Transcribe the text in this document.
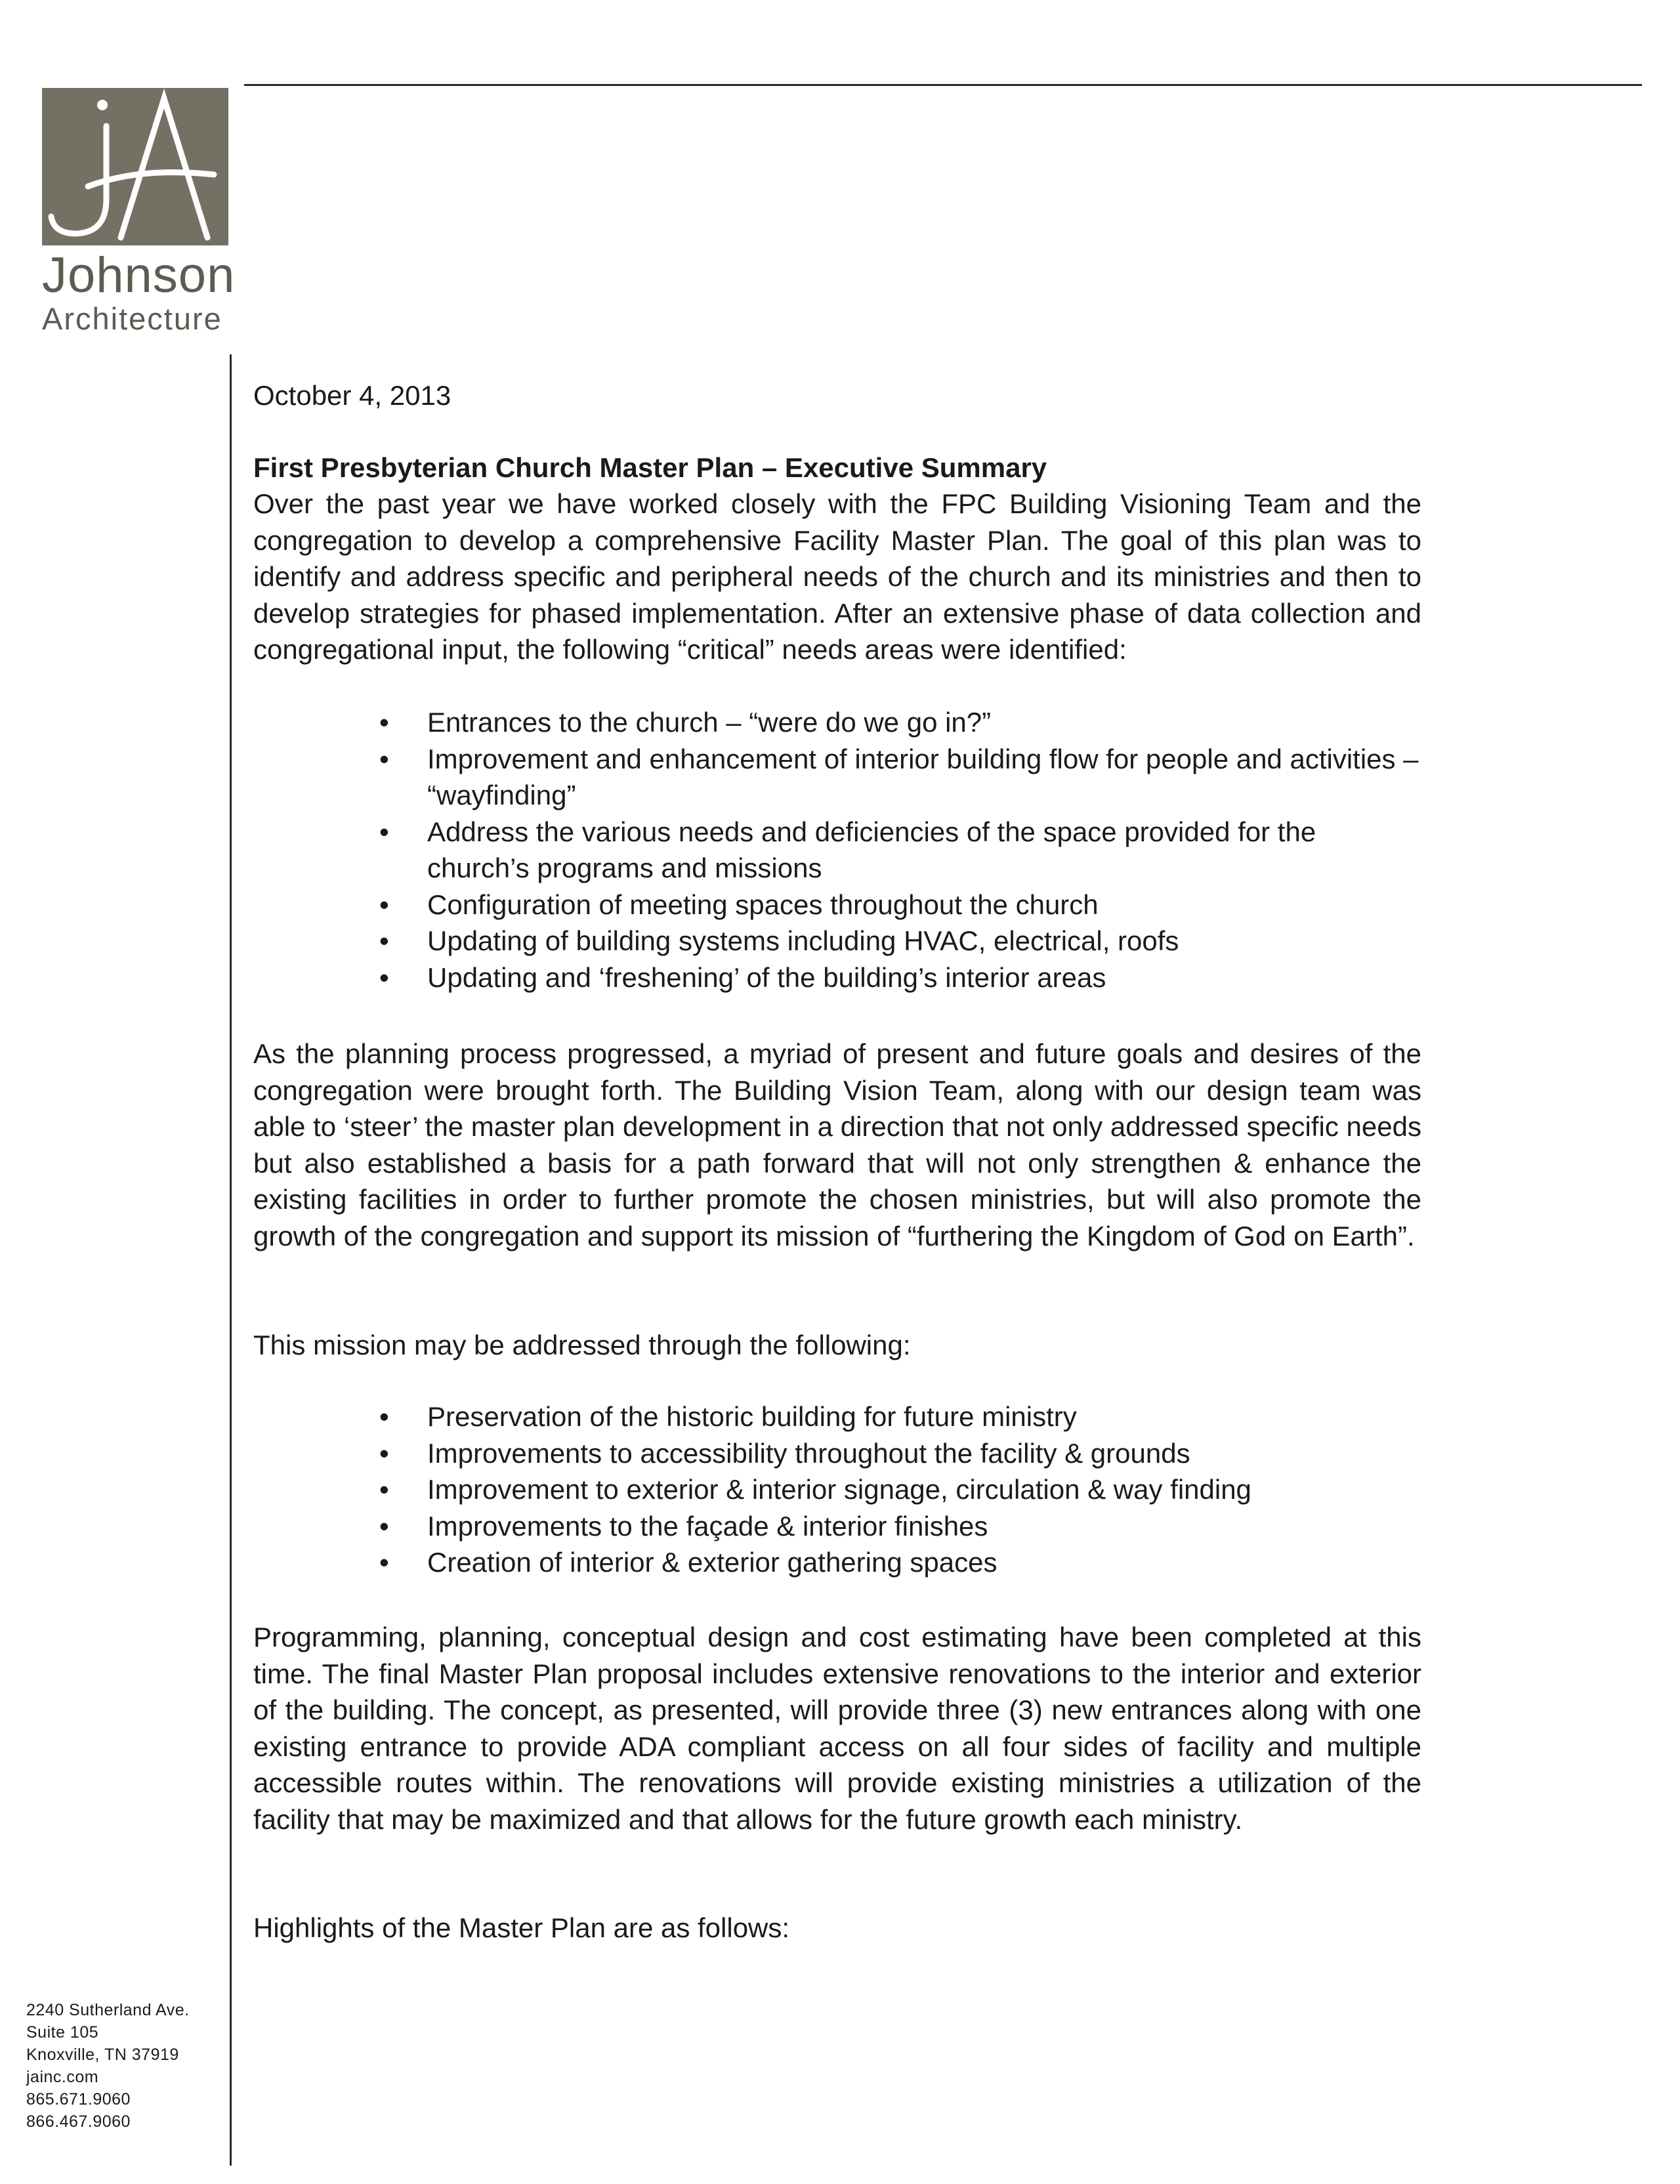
Johnson
Architecture
October 4, 2013
First Presbyterian Church Master Plan – Executive Summary
Over the past year we have worked closely with the FPC Building Visioning Team and the congregation to develop a comprehensive Facility Master Plan. The goal of this plan was to identify and address specific and peripheral needs of the church and its ministries and then to develop strategies for phased implementation. After an extensive phase of data collection and congregational input, the following “critical” needs areas were identified:
• Entrances to the church – “were do we go in?”
• Improvement and enhancement of interior building flow for people and activities – “wayfinding”
• Address the various needs and deficiencies of the space provided for the church’s programs and missions
• Configuration of meeting spaces throughout the church
• Updating of building systems including HVAC, electrical, roofs
• Updating and ‘freshening’ of the building’s interior areas
As the planning process progressed, a myriad of present and future goals and desires of the congregation were brought forth. The Building Vision Team, along with our design team was able to ‘steer’ the master plan development in a direction that not only addressed specific needs but also established a basis for a path forward that will not only strengthen & enhance the existing facilities in order to further promote the chosen ministries, but will also promote the growth of the congregation and support its mission of “furthering the Kingdom of God on Earth”.
This mission may be addressed through the following:
• Preservation of the historic building for future ministry
• Improvements to accessibility throughout the facility & grounds
• Improvement to exterior & interior signage, circulation & way finding
• Improvements to the façade & interior finishes
• Creation of interior & exterior gathering spaces
Programming, planning, conceptual design and cost estimating have been completed at this time. The final Master Plan proposal includes extensive renovations to the interior and exterior of the building. The concept, as presented, will provide three (3) new entrances along with one existing entrance to provide ADA compliant access on all four sides of facility and multiple accessible routes within. The renovations will provide existing ministries a utilization of the facility that may be maximized and that allows for the future growth each ministry.
Highlights of the Master Plan are as follows:
2240 Sutherland Ave.
Suite 105
Knoxville, TN 37919
jainc.com
865.671.9060
866.467.9060
